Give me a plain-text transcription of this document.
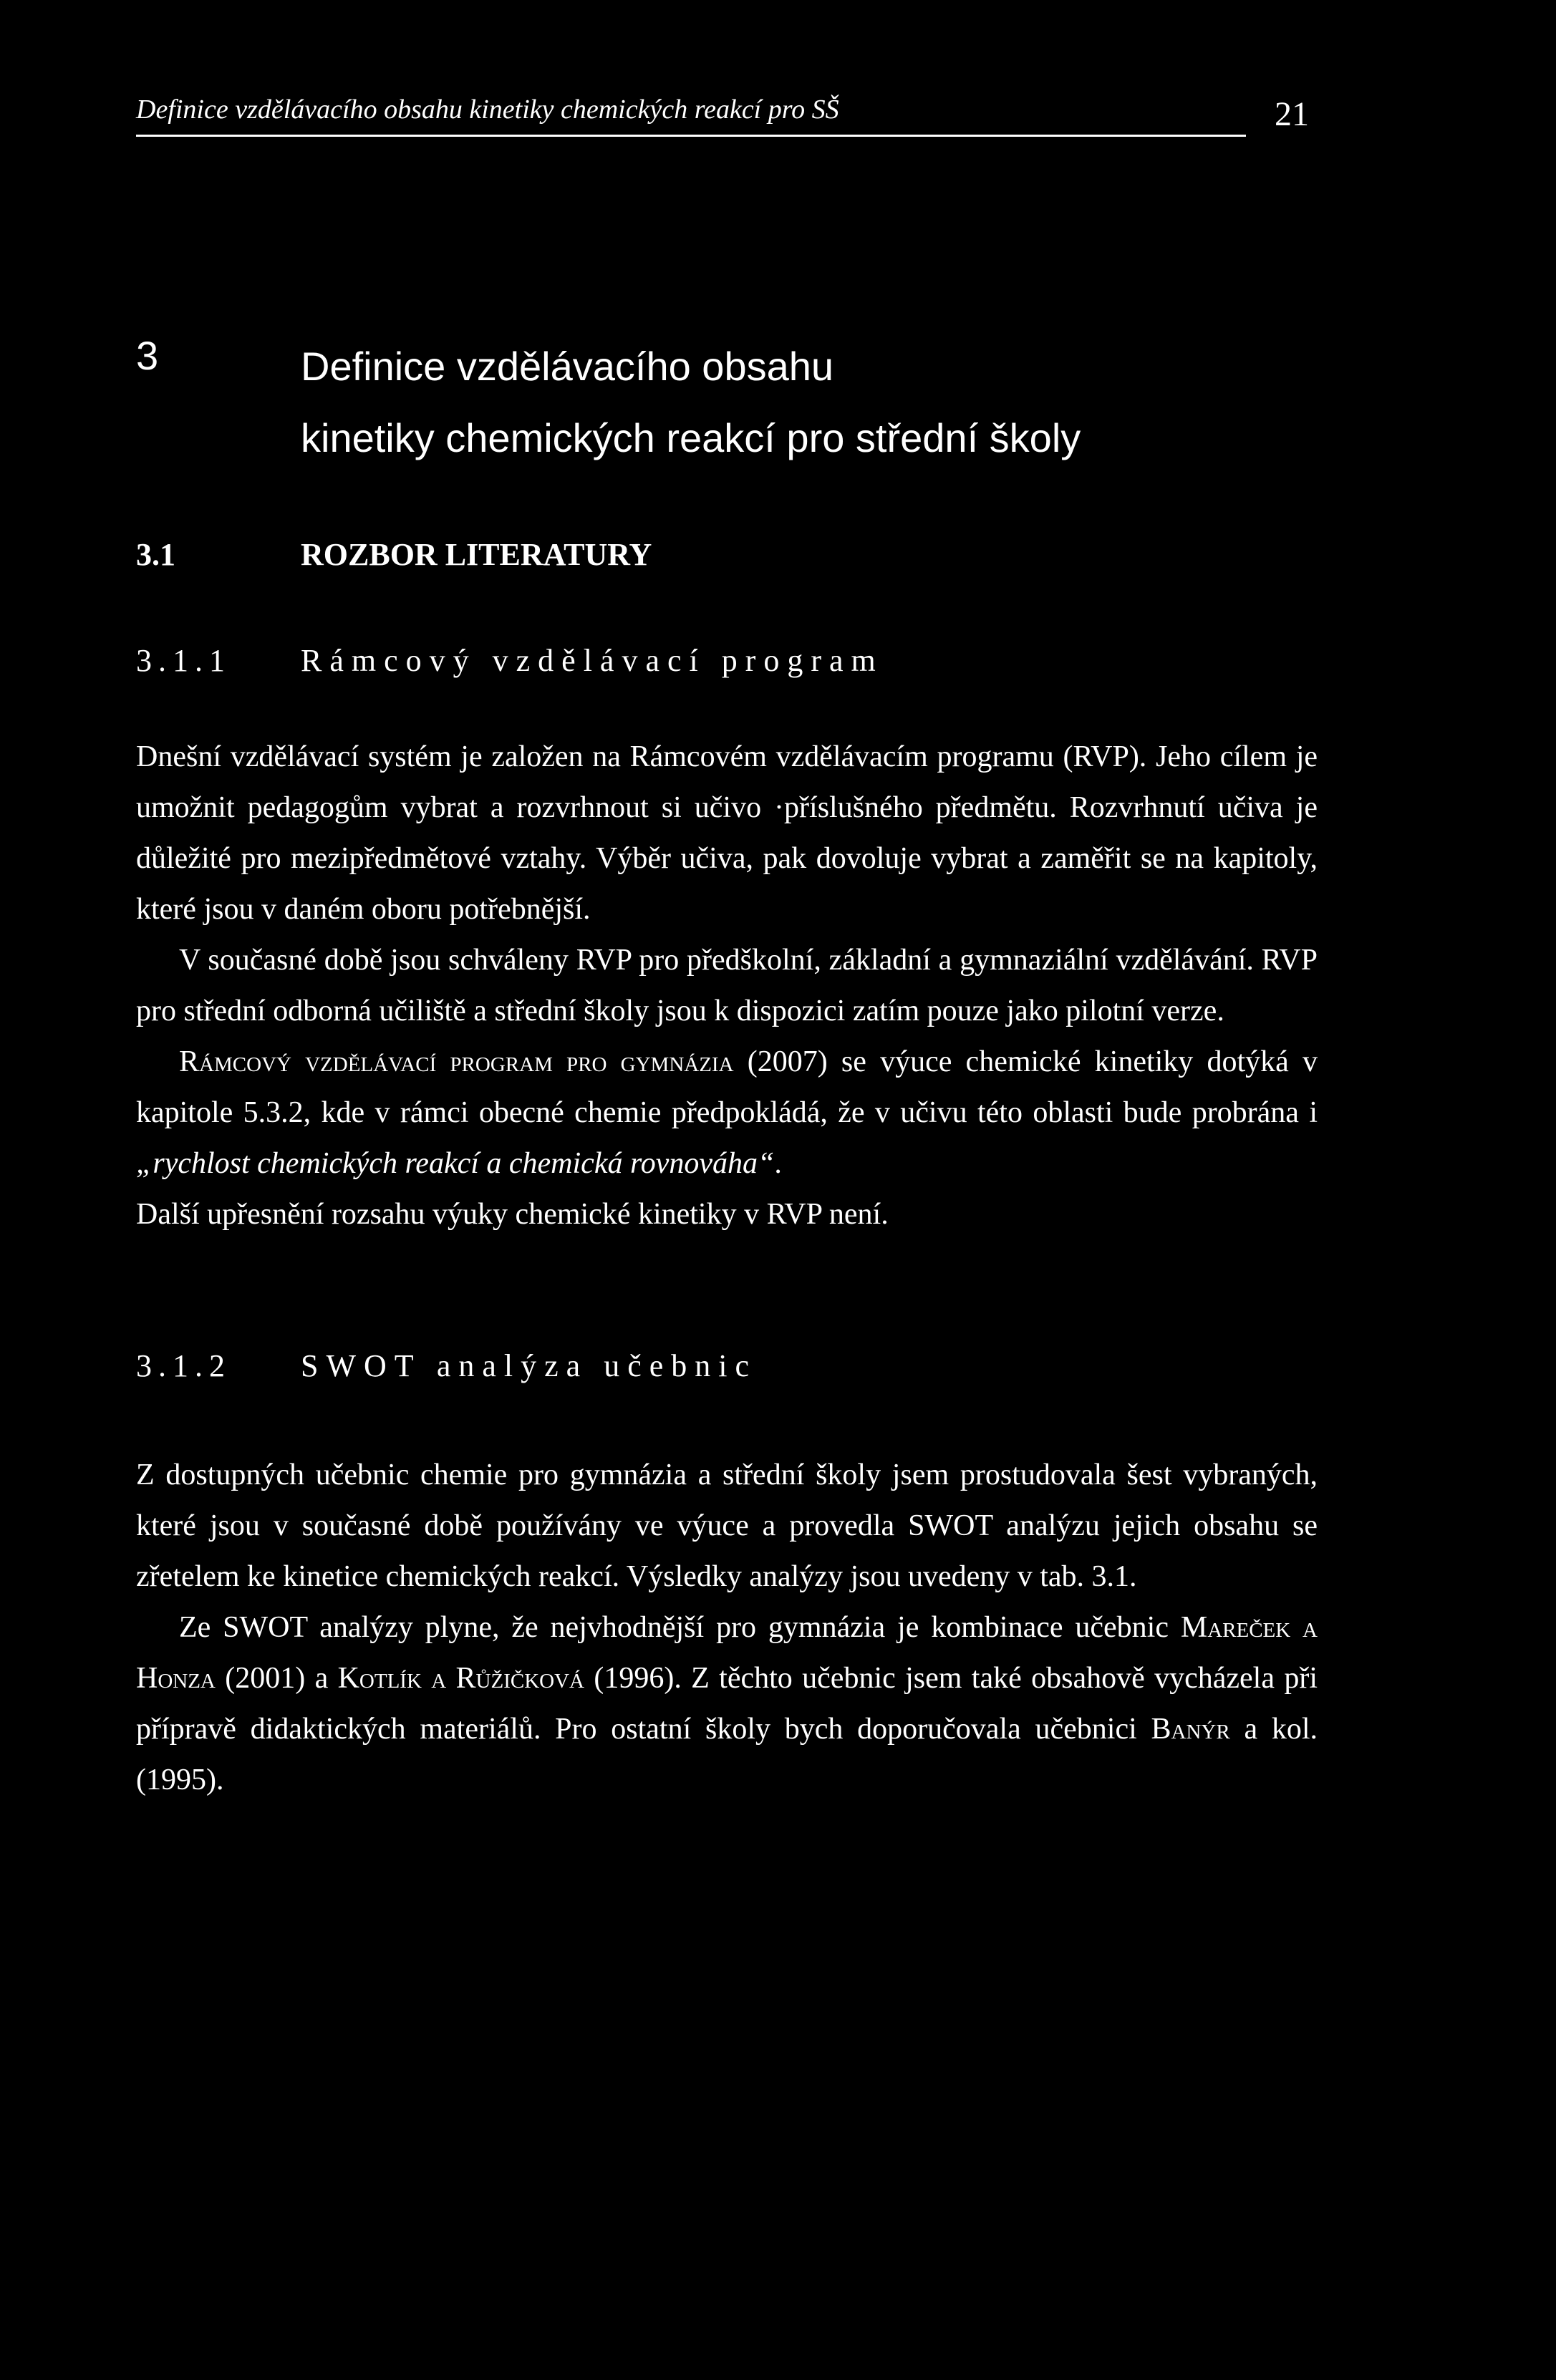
Definice vzdělávacího obsahu kinetiky chemických reakcí pro SŠ	21
3	Definice vzdělávacího obsahu
kinetiky chemických reakcí pro střední školy
3.1	ROZBOR LITERATURY
3.1.1 Rámcový vzdělávací program

Dnešní vzdělávací systém je založen na Rámcovém vzdělávacím programu (RVP). Jeho cílem je umožnit pedagogům vybrat a rozvrhnout si učivo ·příslušného předmětu. Rozvrhnutí učiva je důležité pro mezipředmětové vztahy. Výběr učiva, pak dovoluje vybrat a zaměřit se na kapitoly, které jsou v daném oboru potřebnější.

V současné době jsou schváleny RVP pro předškolní, základní a gymnaziální vzdělávání. RVP pro střední odborná učiliště a střední školy jsou k dispozici zatím pouze jako pilotní verze.

Rámcový vzdělávací program pro gymnázia (2007) se výuce chemické kinetiky dotýká v kapitole 5.3.2, kde v rámci obecné chemie předpokládá, že v učivu této oblasti bude probrána i „rychlost chemických reakcí a chemická rovnováha“.

Další upřesnění rozsahu výuky chemické kinetiky v RVP není.

3.1.2 SWOT analýza učebnic

Z dostupných učebnic chemie pro gymnázia a střední školy jsem prostudovala šest vybraných, které jsou v současné době používány ve výuce a provedla SWOT analýzu jejich obsahu se zřetelem ke kinetice chemických reakcí. Výsledky analýzy jsou uvedeny v tab. 3.1.

Ze SWOT analýzy plyne, že nejvhodnější pro gymnázia je kombinace učebnic Mareček a Honza (2001) a Kotlík a Růžičková (1996). Z těchto učebnic jsem také obsahově vycházela při přípravě didaktických materiálů. Pro ostatní školy bych doporučovala učebnici Banýr a kol. (1995).
